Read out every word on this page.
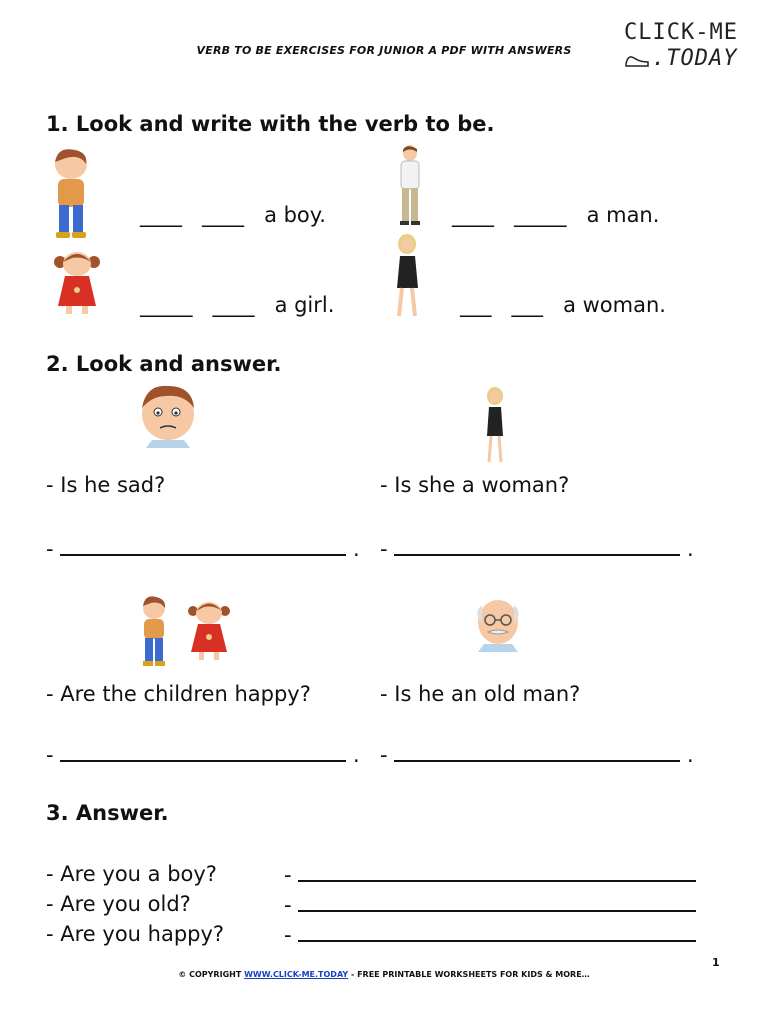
VERB TO BE EXERCISES FOR JUNIOR A PDF WITH ANSWERS
CLICK-ME
.TODAY
1. Look and write with the verb to be.
____ ____ a boy.	____ _____ a man.
_____ ____ a girl.	___ ___ a woman.
2. Look and answer.
- Is he sad?	- Is she a woman?
-	. -	.
- Are the children happy?	- Is he an old man?
-	. -	.
3. Answer.
- Are you a boy?	-
- Are you old?	-
- Are you happy?	-
1
© COPYRIGHT WWW.CLICK-ME.TODAY - FREE PRINTABLE WORKSHEETS FOR KIDS & MORE…
